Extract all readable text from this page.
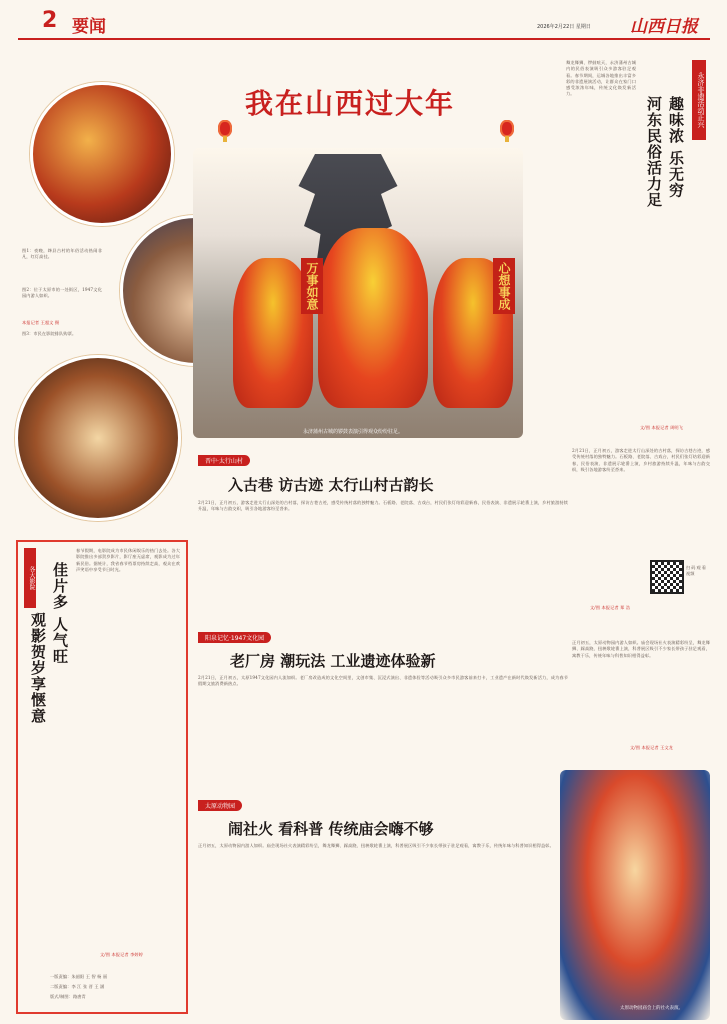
2 要闻	2026年2月22日 星期日 山西日报
图1：夜晚，绛县古村的年俗活动热闹非凡，红灯高挂。
图2：位于太原市的一处街区，1947文化园内游人如织。
本报记者 王超文 摄
图3：市民在影院排队购票。
我在山西过大年
万事如意	心想事成
永济蒲州古城的锣鼓表演引得观众纷纷驻足。
永济非遗活动正兴
趣味浓 乐无穷
河东民俗活力足
舞龙舞狮、锣鼓喧天，永济蒲州古城内的民俗表演吸引众多游客驻足观看。春节期间，运城各地推出丰富多彩的非遗展演活动，让群众在家门口感受浓浓年味，传统文化焕发新活力。
文/图 本报记者 周明飞
晋中·太行山村
入古巷 访古迹 太行山村古韵长
2月21日，正月初五，游客走进太行山深处的古村落，探访古巷古迹，感受传统村落的独特魅力。石板路、老院落、古戏台，村民们张灯结彩迎新春，民俗表演、非遗展示轮番上演，乡村旅游持续升温，年味与古韵交织，吸引各地游客纷至沓来。
2月21日，正月初五，游客走进太行山深处的古村落，探访古巷古迹，感受传统村落的独特魅力。石板路、老院落、古戏台，村民们张灯结彩迎新春，民俗表演、非遗展示轮番上演，乡村旅游持续升温，年味与古韵交织，吸引各地游客纷至沓来。
扫码观看视频
文/图 本报记者 郑 浩
阳泉记忆·1947文化园
老厂房 潮玩法 工业遗迹体验新
2月21日，正月初五，太原1947文化园内人流如织。老厂房改造成的文化空间里，文创市集、沉浸式演出、非遗体验等活动吸引众多市民游客前来打卡，工业遗产在新时代焕发新活力，成为春节假期文旅消费新热点。
太原动物园
闹社火 看科普 传统庙会嗨不够
正月初五，太原动物园内游人如织。庙会现场社火表演精彩纷呈，舞龙舞狮、踩高跷、扭秧歌轮番上演，科普展区吸引不少家长带孩子驻足观看，寓教于乐，传统年味与科普知识相得益彰。
正月初五，太原动物园内游人如织。庙会现场社火表演精彩纷呈，舞龙舞狮、踩高跷、扭秧歌轮番上演，科普展区吸引不少家长带孩子驻足观看，寓教于乐，传统年味与科普知识相得益彰。
文/图 本报记者 王文龙
太原动物园庙会上的社火表演。
各大影院 佳片多 人气旺
观影贺岁享惬意
春节假期，电影院成为市民休闲娱乐的热门去处。各大影院推出多部贺岁影片，影厅座无虚席，观影成为过年新民俗。据统计，我省春节档票房持续走高，观众在欢声笑语中享受节日时光。
文/图 本报记者 李婷婷
一版责编：朱韶阳 王 智 杨 丽
二版责编：李 江 张 晋 王 涵
版式/制图：路唐青
